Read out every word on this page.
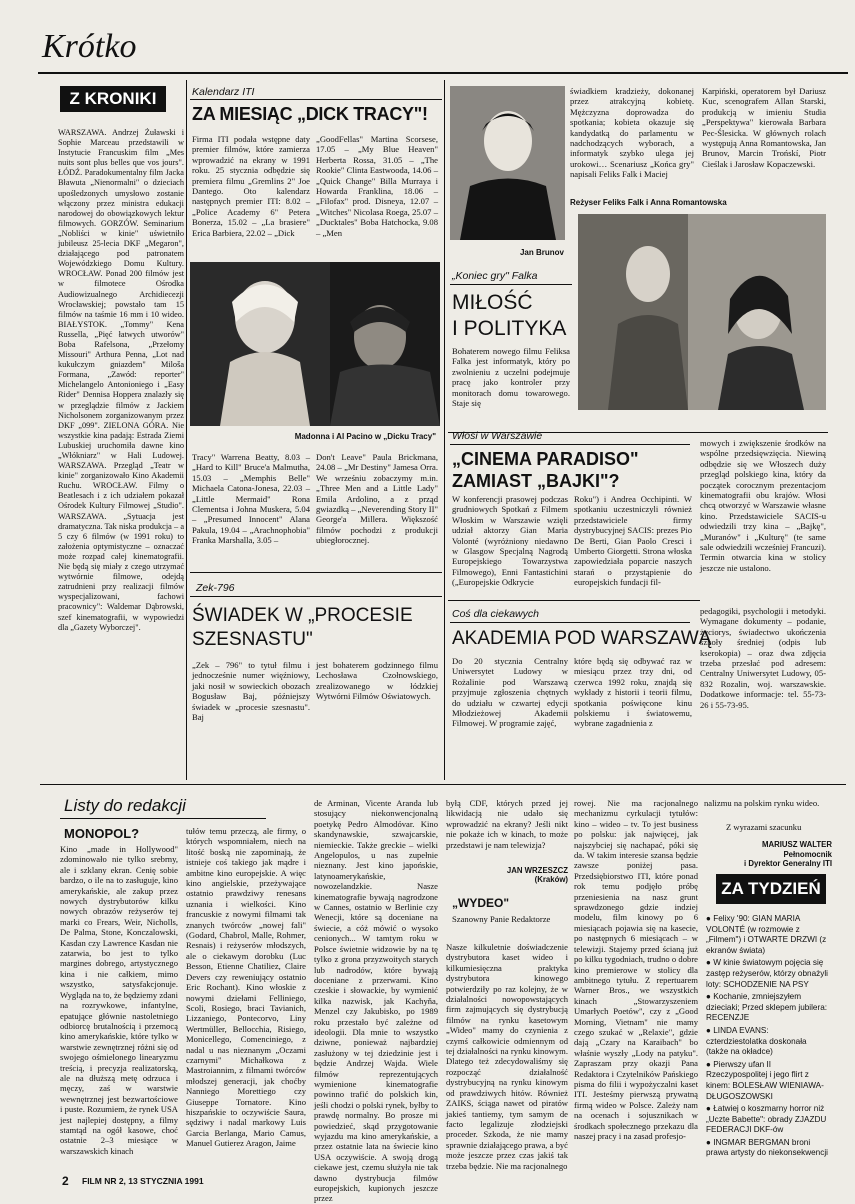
Krótko
Z KRONIKI
WARSZAWA. Andrzej Żuławski i Sophie Marceau przedstawili w Instytucie Francuskim film „Mes nuits sont plus belles que vos jours". ŁÓDŹ. Paradokumentalny film Jacka Bławuta „Nienormalni" o dzieciach upośledzonych umysłowo zostanie włączony przez ministra edukacji narodowej do obowiązkowych lektur filmowych. GORZÓW. Seminarium „Nobliści w kinie" uświetniło jubileusz 25-lecia DKF „Megaron", działającego pod patronatem Wojewódzkiego Domu Kultury. WROCŁAW. Ponad 200 filmów jest w filmotece Ośrodka Audiowizualnego Archidiecezji Wrocławskiej; powstało tam 15 filmów na taśmie 16 mm i 10 wideo. BIAŁYSTOK. „Tommy" Kena Russella, „Pięć łatwych utworów" Boba Rafelsona, „Przełomy Missouri" Arthura Penna, „Lot nad kukułczym gniazdem" Miloša Formana, „Zawód: reporter" Michelangelo Antonioniego i „Easy Rider" Dennisa Hoppera znalazły się w przeglądzie filmów z Jackiem Nicholsonem zorganizowanym przez DKF „099". ZIELONA GÓRA. Nie wszystkie kina padają: Estrada Ziemi Lubuskiej uruchomiła dawne kino „Włókniarz" w Hali Ludowej. WARSZAWA. Przegląd „Teatr w kinie" zorganizowało Kino Akademii Ruchu. WROCŁAW. Filmy o Beatlesach i z ich udziałem pokazał Ośrodek Kultury Filmowej „Studio". WARSZAWA. „Sytuacja jest dramatyczna. Tak niska produkcja – a 5 czy 6 filmów (w 1991 roku) to założenia optymistyczne – oznaczać może rozpad całej kinematografii. Nie będą się miały z czego utrzymać wytwórnie filmowe, odejdą zatrudnieni przy realizacji filmów wyspecjalizowani, fachowi pracownicy": Waldemar Dąbrowski, szef kinematografii, w wypowiedzi dla „Gazety Wyborczej".
Kalendarz ITI
ZA MIESIĄC „DICK TRACY"!
Firma ITI podała wstępne daty premier filmów, które zamierza wprowadzić na ekrany w 1991 roku. 25 stycznia odbędzie się premiera filmu „Gremlins 2" Joe Dantego. Oto kalendarz następnych premier ITI: 8.02 – „Police Academy 6" Petera Bonerza, 15.02 – „La brasiere" Erica Barbiera, 22.02 – „Dick
„GoodFellas" Martina Scorsese, 17.05 – „My Blue Heaven" Herberta Rossa, 31.05 – „The Rookie" Clinta Eastwooda, 14.06 – „Quick Change" Billa Murraya i Howarda Franklina, 18.06 – „Filofax" prod. Disneya, 12.07 – „Witches" Nicolasa Roega, 25.07 – „Ducktales" Boba Hatchocka, 9.08 – „Men
Madonna i Al Pacino w „Dicku Tracy"
Tracy" Warrena Beatty, 8.03 – „Hard to Kill" Bruce'a Malmutha, 15.03 – „Memphis Belle" Michaela Catona-Jonesa, 22.03 – „Little Mermaid" Rona Clementsa i Johna Muskera, 5.04 – „Presumed Innocent" Alana Pakula, 19.04 – „Arachnophobia" Franka Marshalla, 3.05 –
Don't Leave" Paula Brickmana, 24.08 – „Mr Destiny" Jamesa Orra. We wrześniu zobaczymy m.in. „Three Men and a Little Lady" Emila Ardolino, a z prząd gwiazdką – „Neverending Story II" George'a Millera. Większość filmów pochodzi z produkcji ubiegłorocznej.
Zek-796
ŚWIADEK W „PROCESIE
SZESNASTU"
„Zek – 796" to tytuł filmu i jednocześnie numer więźniowy, jaki nosił w sowieckich obozach Bogusław Baj, późniejszy świadek w „procesie szesnastu". Baj
jest bohaterem godzinnego filmu Lechosława Czołnowskiego, zrealizowanego w łódzkiej Wytwórni Filmów Oświatowych.
Jan Brunov
świadkiem kradzieży, dokonanej przez atrakcyjną kobietę. Mężczyzna doprowadza do spotkania; kobieta okazuje się kandydatką do parlamentu w nadchodzących wyborach, a informatyk szybko ulega jej urokowi… Scenariusz „Końca gry" napisali Feliks Falk i Maciej
Karpiński, operatorem był Dariusz Kuc, scenografem Allan Starski, produkcją w imieniu Studia „Perspektywa" kierowała Barbara Pec-Ślesicka. W głównych rolach występują Anna Romantowska, Jan Brunov, Marcin Trońskí, Piotr Cieślak i Jarosław Kopaczewski.
Reżyser Feliks Falk i Anna Romantowska
„Koniec gry" Falka
MIŁOŚĆ
I POLITYKA
Bohaterem nowego filmu Feliksa Falka jest informatyk, który po zwolnieniu z uczelni podejmuje pracę jako kontroler przy monitorach domu towarowego. Staje się
Włosi w Warszawie
„CINEMA PARADISO"
ZAMIAST „BAJKI"?
W konferencji prasowej podczas grudniowych Spotkań z Filmem Włoskim w Warszawie wzięli udział aktorzy Gian Maria Volonté (wyróżniony niedawno w Glasgow Specjalną Nagrodą Europejskiego Towarzystwa Filmowego), Enni Fantastichini („Europejskie Odkrycie
Roku") i Andrea Occhipinti. W spotkaniu uczestniczyli również przedstawiciele firmy dystrybucyjnej SACIS: prezes Pio De Berti, Gian Paolo Cresci i Umberto Giorgetti. Strona włoska zapowiedziała poparcie naszych starań o przystąpienie do europejskich fundacji fil-
mowych i zwiększenie środków na wspólne przedsięwzięcia. Niewiną odbędzie się we Włoszech duży przegląd polskiego kina, który da początek corocznym prezentacjom kinematografii obu krajów. Włosi chcą otworzyć w Warszawie własne kino. Przedstawiciele SACIS-u odwiedzili trzy kina – „Bajkę", „Muranów" i „Kulturę" (te same sale odwiedzili wcześniej Francuzi). Termin otwarcia kina w stolicy jeszcze nie ustalono.
Coś dla ciekawych
AKADEMIA POD WARSZAWĄ
Do 20 stycznia Centralny Uniwersytet Ludowy w Rożalinie pod Warszawą przyjmuje zgłoszenia chętnych do udziału w czwartej edycji Młodzieżowej Akademii Filmowej. W programie zajęć,
które będą się odbywać raz w miesiącu przez trzy dni, od czerwca 1992 roku, znajdą się wykłady z historii i teorii filmu, spotkania poświęcone kinu polskiemu i światowemu, wybrane zagadnienia z
pedagogiki, psychologii i metodyki. Wymagane dokumenty – podanie, życiorys, świadectwo ukończenia szkoły średniej (odpis lub kserokopia) – oraz dwa zdjęcia trzeba przesłać pod adresem: Centralny Uniwersytet Ludowy, 05-832 Rozalin, woj. warszawskie. Dodatkowe informacje: tel. 55-73-26 i 55-73-95.
Listy do redakcji
MONOPOL?
Kino „made in Hollywood" zdominowało nie tylko srebrny, ale i szklany ekran. Cenię sobie bardzo, o ile na to zasługuje, kino amerykańskie, ale zakup przez nowych dystrybutorów kilku nowych obrazów reżyserów tej marki co Frears, Weir, Nicholls, De Palma, Stone, Konczalowski, Kasdan czy Lawrence Kasdan nie zatarwia, bo jest to tylko margines dobrego, artystycznego kina i nie całkiem, mimo wszystko, satysfakcjonuje. Wygląda na to, że będziemy zdani na rozrywkowe, infantylne, epatujące głównie nastoletniego odbiorcę brutalnością i przemocą kino amerykańskie, które tylko w warstwie zewnętrznej różni się od swojego ośmielonego linearyzmu treścią, i precyzja realizatorską, ale na dłuższą metę odrzuca i męczy, zaś w warstwie wewnętrznej jest bezwartościowe i puste. Rozumiem, że rynek USA jest najlepiej dostępny, a filmy stamtąd na ogół kasowe, choć ostatnie 2–3 miesiące w warszawskich kinach
tułów temu przeczą, ale firmy, o których wspomniałem, niech na litość boską nie zapominają, że istnieje coś takiego jak mądre i ambitne kino europejskie. A więc kino angielskie, przeżywające ostatnio prawdziwy renesans uznania i wielkości. Kino francuskie z nowymi filmami tak znanych twórców „nowej fali" (Godard, Chabrol, Malle, Rohmer, Resnais) i reżyserów młodszych, ale o ciekawym dorobku (Luc Besson, Etienne Chatiliez, Claire Devers czy reweniujący ostatnio Eric Rochant). Kino włoskie z nowymi dziełami Felliniego, Scoli, Rosiego, braci Tavianich, Lizzaniego, Pontecorvo, Liny Wertmüller, Bellocchia, Risiego, Monicellego, Comenciniego, z nadal u nas nieznanym „Oczami czarnymi" Michałkowa z Mastroiannim, z filmami twórców młodszej generacji, jak choćby Nanniego Morettiego czy Giuseppe Tornatore. Kino hiszpańskie to oczywiście Saura, sędziwy i nadal markowy Luis Garcia Berlanga, Mario Camus, Manuel Gutierez Aragon, Jaime
de Arminan, Vicente Aranda lub stosujący niekonwencjonalną poetykę Pedro Almodóvar. Kino skandynawskie, szwajcarskie, niemieckie. Także greckie – wielki Angelopulos, u nas zupełnie nieznany. Jest kino japońskie, latynoamerykańskie, nowozelandzkie. Nasze kinematografie bywają nagrodzone w Cannes, ostatnio w Berlinie czy Wenecji, które są doceniane na świecie, a cóż mówić o wysoko cenionych... W tamtym roku w Polsce świetnie widzowie by na tę tylko z grona przyzwoitych starych lub nadrodów, które bywają doceniane z przerwami. Kino czeskie i słowackie, by wymienić kilka nazwisk, jak Kachyňa, Menzel czy Jakubisko, po 1989 roku przestało być zależne od ideologii. Dla mnie to wszystko dziwne, ponieważ najbardziej zasłużony w tej dziedzinie jest i będzie Andrzej Wajda. Wiele filmów reprezentujących wymienione kinematografie powinno trafić do polskich kin, jeśli chodzi o polski rynek, byłby to prawdę normalny. Bo prosze mi powiedzieć, skąd przygotowanie wyjazdu ma kino amerykańskie, a przez ostatnie lata na świecie kino USA oczywiście. A swoją drogą ciekawe jest, czemu służyła nie tak dawno dystrybucja filmów europejskich, kupionych jeszcze przez
byłą CDF, których przed jej likwidacją nie udało się wprowadzić na ekrany? Jeśli nikt nie pokaże ich w kinach, to może przedstawi je nam telewizja?
JAN WRZESZCZ
(Kraków)
„WYDEO"
Szanowny Panie Redaktorze
Nasze kilkuletnie doświadczenie dystrybutora kaset wideo i kilkumiesięczna praktyka dystrybutora kinowego potwierdziły po raz kolejny, że w działalności nowopowstających firm zajmujących się dystrybucją filmów na rynku kasetowym „Wideo" mamy do czynienia z czymś całkowicie odmiennym od tej działalności na rynku kinowym. Dlatego też zdecydowaliśmy się rozpocząć działalność dystrybucyjną na rynku kinowym od prawdziwych hitów. Również ZAIKS, ściąga nawet od piratów jakieś tantiemy, tym samym de facto legalizuje złodziejski proceder. Szkoda, że nie mamy sprawnie działającego prawa, a być może jeszcze przez czas jakiś tak trzeba będzie. Nie ma racjonalnego
rowej. Nie ma racjonalnego mechanizmu cyrkulacji tytułów: kino – wideo – tv. To jest business po polsku: jak najwięcej, jak najszybciej się nachapać, póki się da. W takim interesie szansa będzie zawsze poniżej pasa. Przedsiębiorstwo ITI, które ponad rok temu podjęło próbę przeniesienia na nasz grunt sprawdzonego gdzie indziej modelu, film kinowy po 6 miesiącach pojawia się na kasecie, po następnych 6 miesiącach – w telewizji. Stajemy przed ścianą już po kilku tygodniach, trudno o dobre kino premierowe w stolicy dla ambitnego tytułu. Z repertuarem Warner Bros., we wszystkich kinach „Stowarzyszeniem Umarłych Poetów", czy z „Good Morning, Vietnam" nie mamy czego szukać w „Relaxie", gdzie dają „Czary na Karaibach" bo właśnie wyszły „Lody na patyku". Zapraszam przy okazji Pana Redaktora i Czytelników Pańskiego pisma do filii i wypożyczalni kaset ITI. Jesteśmy pierwszą prywatną firmą wideo w Polsce. Zależy nam na ocenach i sojusznikach w środkach społecznego przekazu dla naszej pracy i na zasad profesjo-
nalizmu na polskim rynku wideo.
Z wyrazami szacunku
MARIUSZ WALTER
Pełnomocnik
i Dyrektor Generalny ITI
ZA TYDZIEŃ
● Felixy '90: GIAN MARIA VOLONTÉ (w rozmowie z „Filmem") i OTWARTE DRZWI (z ekranów świata)
● W kinie światowym pojęcia się zastęp reżyserów, którzy obnażyli loty: SCHODZENIE NA PSY
● Kochanie, zmniejszyłem dzieciaki; Przed sklepem jubilera: RECENZJE
● LINDA EVANS: czterdziestolatka doskonała (także na okładce)
● Pierwszy ufan II Rzeczypospolitej i jego flirt z kinem: BOLESŁAW WIENIAWA-DŁUGOSZOWSKI
● Łatwiej o koszmarny horror niż „Uczte Babette": obrady ZJAZDU FEDERACJI DKF-ów
● INGMAR BERGMAN broni prawa artysty do niekonsekwencji
2 FILM NR 2, 13 STYCZNIA 1991
